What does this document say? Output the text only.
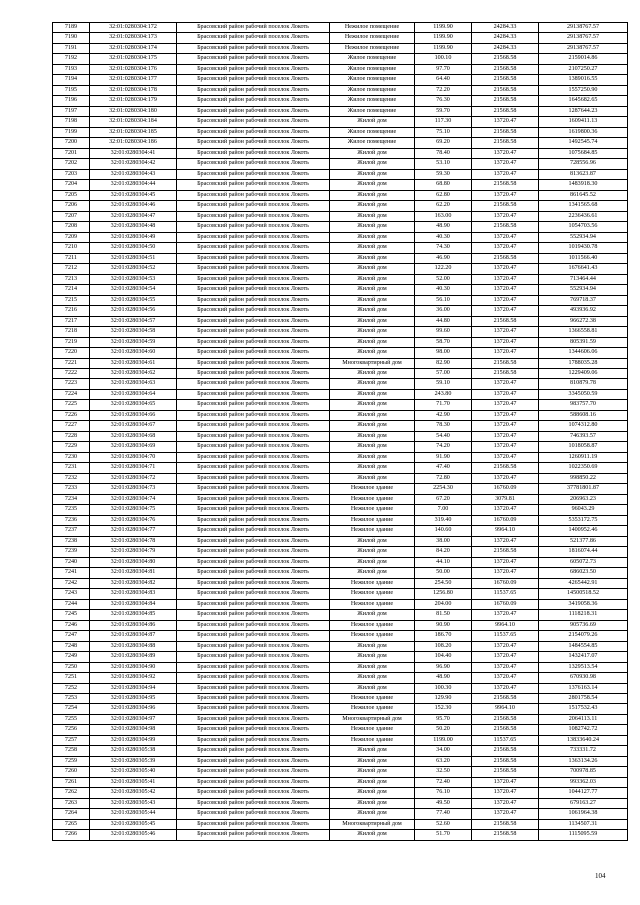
7189	32:01:0280304:172	Брасовский район рабочий поселок Локоть	Нежилое помещение	1199.90	24284.33	29138767.57
7190	32:01:0280304:173	Брасовский район рабочий поселок Локоть	Нежилое помещение	1199.90	24284.33	29138767.57
7191	32:01:0280304:174	Брасовский район рабочий поселок Локоть	Нежилое помещение	1199.90	24284.33	29138767.57
7192	32:01:0280304:175	Брасовский район рабочий поселок Локоть	Жилое помещение	100.10	21568.58	2159014.86
7193	32:01:0280304:176	Брасовский район рабочий поселок Локоть	Жилое помещение	97.70	21568.58	2107250.27
7194	32:01:0280304:177	Брасовский район рабочий поселок Локоть	Жилое помещение	64.40	21568.58	1389016.55
7195	32:01:0280304:178	Брасовский район рабочий поселок Локоть	Жилое помещение	72.20	21568.58	1557250.90
7196	32:01:0280304:179	Брасовский район рабочий поселок Локоть	Жилое помещение	76.30	21568.58	1645682.65
7197	32:01:0280304:180	Брасовский район рабочий поселок Локоть	Жилое помещение	59.70	21568.58	1287644.23
7198	32:01:0280304:184	Брасовский район рабочий поселок Локоть	Жилой дом	117.30	13720.47	1609411.13
7199	32:01:0280304:185	Брасовский район рабочий поселок Локоть	Жилое помещение	75.10	21568.58	1619800.36
7200	32:01:0280304:186	Брасовский район рабочий поселок Локоть	Жилое помещение	69.20	21568.58	1492545.74
7201	32:01:0280304:41	Брасовский район рабочий поселок Локоть	Жилой дом	78.40	13720.47	1075684.85
7202	32:01:0280304:42	Брасовский район рабочий поселок Локоть	Жилой дом	53.10	13720.47	728556.96
7203	32:01:0280304:43	Брасовский район рабочий поселок Локоть	Жилой дом	59.30	13720.47	813623.87
7204	32:01:0280304:44	Брасовский район рабочий поселок Локоть	Жилой дом	68.80	21568.58	1483918.30
7205	32:01:0280304:45	Брасовский район рабочий поселок Локоть	Жилой дом	62.80	13720.47	861645.52
7206	32:01:0280304:46	Брасовский район рабочий поселок Локоть	Жилой дом	62.20	21568.58	1341565.68
7207	32:01:0280304:47	Брасовский район рабочий поселок Локоть	Жилой дом	163.00	13720.47	2236436.61
7208	32:01:0280304:48	Брасовский район рабочий поселок Локоть	Жилой дом	48.90	21568.58	1054703.56
7209	32:01:0280304:49	Брасовский район рабочий поселок Локоть	Жилой дом	40.30	13720.47	552934.94
7210	32:01:0280304:50	Брасовский район рабочий поселок Локоть	Жилой дом	74.30	13720.47	1019430.78
7211	32:01:0280304:51	Брасовский район рабочий поселок Локоть	Жилой дом	46.90	21568.58	1011566.40
7212	32:01:0280304:52	Брасовский район рабочий поселок Локоть	Жилой дом	122.20	13720.47	1676641.43
7213	32:01:0280304:53	Брасовский район рабочий поселок Локоть	Жилой дом	52.00	13720.47	713464.44
7214	32:01:0280304:54	Брасовский район рабочий поселок Локоть	Жилой дом	40.30	13720.47	552934.94
7215	32:01:0280304:55	Брасовский район рабочий поселок Локоть	Жилой дом	56.10	13720.47	769718.37
7216	32:01:0280304:56	Брасовский район рабочий поселок Локоть	Жилой дом	36.00	13720.47	493936.92
7217	32:01:0280304:57	Брасовский район рабочий поселок Локоть	Жилой дом	44.80	21568.58	966272.38
7218	32:01:0280304:58	Брасовский район рабочий поселок Локоть	Жилой дом	99.60	13720.47	1366558.81
7219	32:01:0280304:59	Брасовский район рабочий поселок Локоть	Жилой дом	58.70	13720.47	805391.59
7220	32:01:0280304:60	Брасовский район рабочий поселок Локоть	Жилой дом	98.00	13720.47	1344606.06
7221	32:01:0280304:61	Брасовский район рабочий поселок Локоть	Многоквартирный дом	82.90	21568.58	1788035.28
7222	32:01:0280304:62	Брасовский район рабочий поселок Локоть	Жилой дом	57.00	21568.58	1229409.06
7223	32:01:0280304:63	Брасовский район рабочий поселок Локоть	Жилой дом	59.10	13720.47	810879.78
7224	32:01:0280304:64	Брасовский район рабочий поселок Локоть	Жилой дом	243.80	13720.47	3345050.59
7225	32:01:0280304:65	Брасовский район рабочий поселок Локоть	Жилой дом	71.70	13720.47	983757.70
7226	32:01:0280304:66	Брасовский район рабочий поселок Локоть	Жилой дом	42.90	13720.47	588608.16
7227	32:01:0280304:67	Брасовский район рабочий поселок Локоть	Жилой дом	78.30	13720.47	1074312.80
7228	32:01:0280304:68	Брасовский район рабочий поселок Локоть	Жилой дом	54.40	13720.47	746393.57
7229	32:01:0280304:69	Брасовский район рабочий поселок Локоть	Жилой дом	74.20	13720.47	1018058.87
7230	32:01:0280304:70	Брасовский район рабочий поселок Локоть	Жилой дом	91.90	13720.47	1260911.19
7231	32:01:0280304:71	Брасовский район рабочий поселок Локоть	Жилой дом	47.40	21568.58	1022350.69
7232	32:01:0280304:72	Брасовский район рабочий поселок Локоть	Жилой дом	72.80	13720.47	998850.22
7233	32:01:0280304:73	Брасовский район рабочий поселок Локоть	Нежилое здание	2254.30	16760.09	37781801.87
7234	32:01:0280304:74	Брасовский район рабочий поселок Локоть	Нежилое здание	67.20	3079.81	206963.23
7235	32:01:0280304:75	Брасовский район рабочий поселок Локоть	Нежилое здание	7.00	13720.47	96043.29
7236	32:01:0280304:76	Брасовский район рабочий поселок Локоть	Нежилое здание	319.40	16760.09	5353172.75
7237	32:01:0280304:77	Брасовский район рабочий поселок Локоть	Нежилое здание	140.60	9964.10	1400952.46
7238	32:01:0280304:78	Брасовский район рабочий поселок Локоть	Жилой дом	38.00	13720.47	521377.86
7239	32:01:0280304:79	Брасовский район рабочий поселок Локоть	Жилой дом	84.20	21568.58	1816074.44
7240	32:01:0280304:80	Брасовский район рабочий поселок Локоть	Жилой дом	44.10	13720.47	605072.73
7241	32:01:0280304:81	Брасовский район рабочий поселок Локоть	Жилой дом	50.00	13720.47	686023.50
7242	32:01:0280304:82	Брасовский район рабочий поселок Локоть	Нежилое здание	254.50	16760.09	4265442.91
7243	32:01:0280304:83	Брасовский район рабочий поселок Локоть	Нежилое здание	1256.80	11537.65	14500518.52
7244	32:01:0280304:84	Брасовский район рабочий поселок Локоть	Нежилое здание	204.00	16760.09	3419058.36
7245	32:01:0280304:85	Брасовский район рабочий поселок Локоть	Жилой дом	81.50	13720.47	1118218.31
7246	32:01:0280304:86	Брасовский район рабочий поселок Локоть	Нежилое здание	90.90	9964.10	905736.69
7247	32:01:0280304:87	Брасовский район рабочий поселок Локоть	Нежилое здание	186.70	11537.65	2154079.26
7248	32:01:0280304:88	Брасовский район рабочий поселок Локоть	Жилой дом	108.20	13720.47	1484554.85
7249	32:01:0280304:89	Брасовский район рабочий поселок Локоть	Жилой дом	104.40	13720.47	1432417.07
7250	32:01:0280304:90	Брасовский район рабочий поселок Локоть	Жилой дом	96.90	13720.47	1329513.54
7251	32:01:0280304:92	Брасовский район рабочий поселок Локоть	Жилой дом	48.90	13720.47	670930.98
7252	32:01:0280304:94	Брасовский район рабочий поселок Локоть	Жилой дом	100.30	13720.47	1376163.14
7253	32:01:0280304:95	Брасовский район рабочий поселок Локоть	Нежилое здание	129.90	21568.58	2801758.54
7254	32:01:0280304:96	Брасовский район рабочий поселок Локоть	Нежилое здание	152.30	9964.10	1517532.43
7255	32:01:0280304:97	Брасовский район рабочий поселок Локоть	Многоквартирный дом	95.70	21568.58	2064113.11
7256	32:01:0280304:98	Брасовский район рабочий поселок Локоть	Нежилое здание	50.20	21568.58	1082742.72
7257	32:01:0280304:99	Брасовский район рабочий поселок Локоть	Нежилое здание	1199.00	11537.65	13833640.24
7258	32:01:0280305:38	Брасовский район рабочий поселок Локоть	Жилой дом	34.00	21568.58	733331.72
7259	32:01:0280305:39	Брасовский район рабочий поселок Локоть	Жилой дом	63.20	21568.58	1363134.26
7260	32:01:0280305:40	Брасовский район рабочий поселок Локоть	Жилой дом	32.50	21568.58	700978.85
7261	32:01:0280305:41	Брасовский район рабочий поселок Локоть	Жилой дом	72.40	13720.47	993362.03
7262	32:01:0280305:42	Брасовский район рабочий поселок Локоть	Жилой дом	76.10	13720.47	1044127.77
7263	32:01:0280305:43	Брасовский район рабочий поселок Локоть	Жилой дом	49.50	13720.47	679163.27
7264	32:01:0280305:44	Брасовский район рабочий поселок Локоть	Жилой дом	77.40	13720.47	1061964.38
7265	32:01:0280305:45	Брасовский район рабочий поселок Локоть	Многоквартирный дом	52.60	21568.58	1134507.31
7266	32:01:0280305:46	Брасовский район рабочий поселок Локоть	Жилой дом	51.70	21568.58	1115095.59
104
